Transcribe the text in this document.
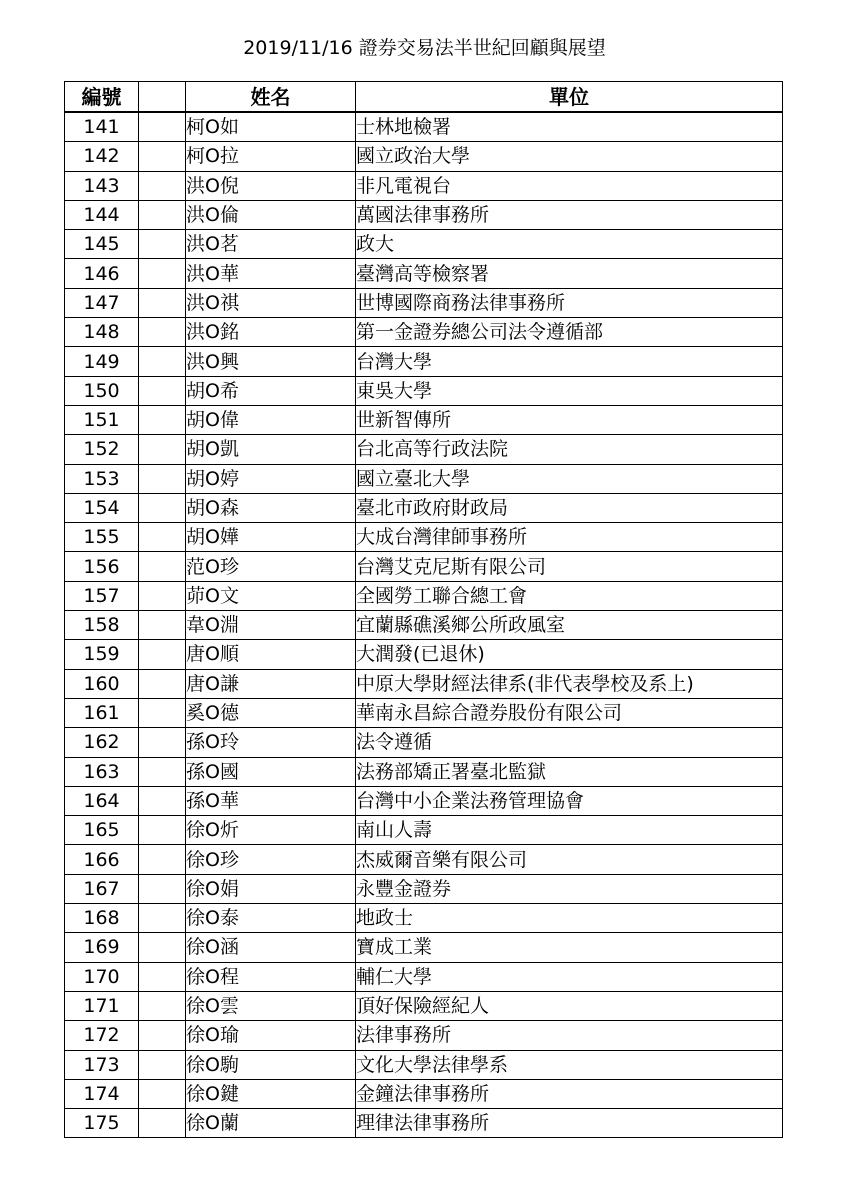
2019/11/16 證券交易法半世紀回顧與展望
編號		姓名	單位
141		柯O如	士林地檢署
142		柯O拉	國立政治大學
143		洪O倪	非凡電視台
144		洪O倫	萬國法律事務所
145		洪O茗	政大
146		洪O華	臺灣高等檢察署
147		洪O祺	世博國際商務法律事務所
148		洪O銘	第一金證券總公司法令遵循部
149		洪O興	台灣大學
150		胡O希	東吳大學
151		胡O偉	世新智傳所
152		胡O凱	台北高等行政法院
153		胡O婷	國立臺北大學
154		胡O森	臺北市政府財政局
155		胡O嬅	大成台灣律師事務所
156		范O珍	台灣艾克尼斯有限公司
157		茆O文	全國勞工聯合總工會
158		韋O淵	宜蘭縣礁溪鄉公所政風室
159		唐O順	大潤發(已退休)
160		唐O謙	中原大學財經法律系(非代表學校及系上)
161		奚O德	華南永昌綜合證券股份有限公司
162		孫O玲	法令遵循
163		孫O國	法務部矯正署臺北監獄
164		孫O華	台灣中小企業法務管理協會
165		徐O炘	南山人壽
166		徐O珍	杰威爾音樂有限公司
167		徐O娟	永豐金證券
168		徐O泰	地政士
169		徐O涵	寶成工業
170		徐O程	輔仁大學
171		徐O雲	頂好保險經紀人
172		徐O瑜	法律事務所
173		徐O駒	文化大學法律學系
174		徐O鍵	金鐘法律事務所
175		徐O蘭	理律法律事務所
